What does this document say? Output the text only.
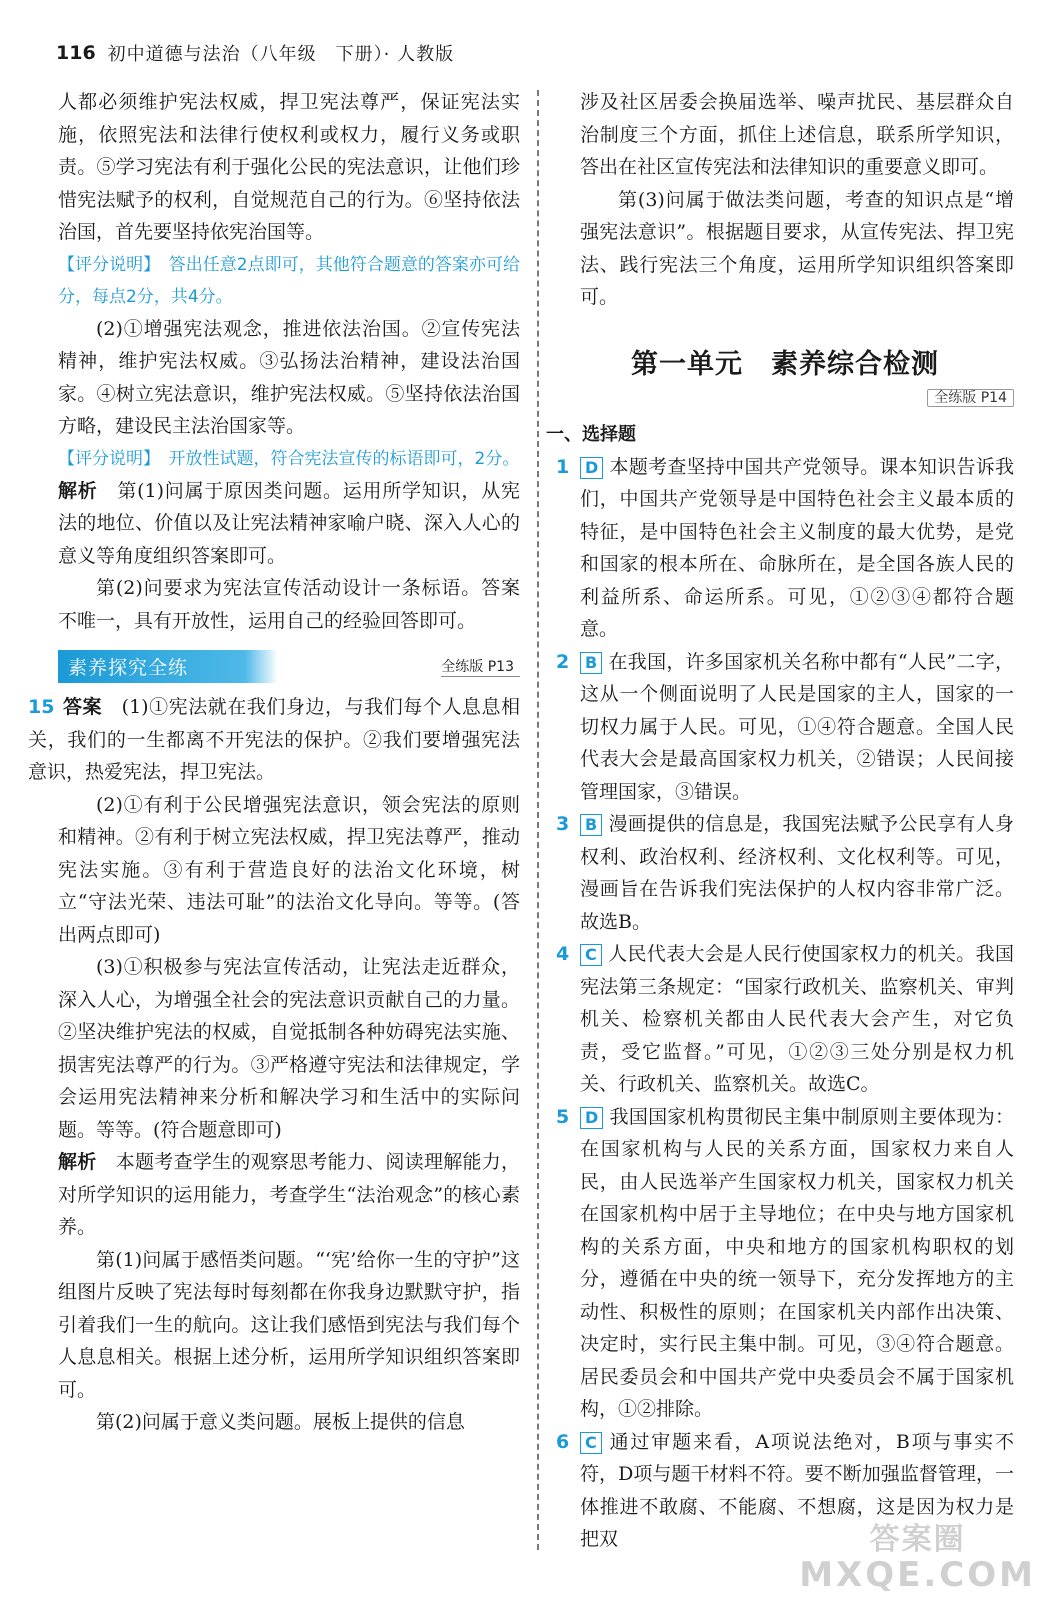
116 初中道德与法治（八年级　下册）· 人教版

人都必须维护宪法权威，捍卫宪法尊严，保证宪法实施，依照宪法和法律行使权利或权力，履行义务或职责。⑤学习宪法有利于强化公民的宪法意识，让他们珍惜宪法赋予的权利，自觉规范自己的行为。⑥坚持依法治国，首先要坚持依宪治国等。

【评分说明】　答出任意2点即可，其他符合题意的答案亦可给分，每点2分，共4分。

(2)①增强宪法观念，推进依法治国。②宣传宪法精神，维护宪法权威。③弘扬法治精神，建设法治国家。④树立宪法意识，维护宪法权威。⑤坚持依法治国方略，建设民主法治国家等。

【评分说明】　开放性试题，符合宪法宣传的标语即可，2分。

解析　第(1)问属于原因类问题。运用所学知识，从宪法的地位、价值以及让宪法精神家喻户晓、深入人心的意义等角度组织答案即可。

第(2)问要求为宪法宣传活动设计一条标语。答案不唯一，具有开放性，运用自己的经验回答即可。

素养探究全练	全练版 P13

15 答案　(1)①宪法就在我们身边，与我们每个人息息相关，我们的一生都离不开宪法的保护。②我们要增强宪法意识，热爱宪法，捍卫宪法。

(2)①有利于公民增强宪法意识，领会宪法的原则和精神。②有利于树立宪法权威，捍卫宪法尊严，推动宪法实施。③有利于营造良好的法治文化环境，树立“守法光荣、违法可耻”的法治文化导向。等等。(答出两点即可)

(3)①积极参与宪法宣传活动，让宪法走近群众，深入人心，为增强全社会的宪法意识贡献自己的力量。②坚决维护宪法的权威，自觉抵制各种妨碍宪法实施、损害宪法尊严的行为。③严格遵守宪法和法律规定，学会运用宪法精神来分析和解决学习和生活中的实际问题。等等。(符合题意即可)

解析　本题考查学生的观察思考能力、阅读理解能力，对所学知识的运用能力，考查学生“法治观念”的核心素养。

第(1)问属于感悟类问题。“‘宪’给你一生的守护”这组图片反映了宪法每时每刻都在你我身边默默守护，指引着我们一生的航向。这让我们感悟到宪法与我们每个人息息相关。根据上述分析，运用所学知识组织答案即可。

第(2)问属于意义类问题。展板上提供的信息

涉及社区居委会换届选举、噪声扰民、基层群众自治制度三个方面，抓住上述信息，联系所学知识，答出在社区宣传宪法和法律知识的重要意义即可。

第(3)问属于做法类问题，考查的知识点是“增强宪法意识”。根据题目要求，从宣传宪法、捍卫宪法、践行宪法三个角度，运用所学知识组织答案即可。

第一单元　素养综合检测
全练版 P14
一、选择题
1 D 本题考查坚持中国共产党领导。课本知识告诉我们，中国共产党领导是中国特色社会主义最本质的特征，是中国特色社会主义制度的最大优势，是党和国家的根本所在、命脉所在，是全国各族人民的利益所系、命运所系。可见，①②③④都符合题意。

2 B 在我国，许多国家机关名称中都有“人民”二字，这从一个侧面说明了人民是国家的主人，国家的一切权力属于人民。可见，①④符合题意。全国人民代表大会是最高国家权力机关，②错误；人民间接管理国家，③错误。

3 B 漫画提供的信息是，我国宪法赋予公民享有人身权利、政治权利、经济权利、文化权利等。可见，漫画旨在告诉我们宪法保护的人权内容非常广泛。故选B。

4 C 人民代表大会是人民行使国家权力的机关。我国宪法第三条规定：“国家行政机关、监察机关、审判机关、检察机关都由人民代表大会产生，对它负责，受它监督。”可见，①②③三处分别是权力机关、行政机关、监察机关。故选C。

5 D 我国国家机构贯彻民主集中制原则主要体现为：在国家机构与人民的关系方面，国家权力来自人民，由人民选举产生国家权力机关，国家权力机关在国家机构中居于主导地位；在中央与地方国家机构的关系方面，中央和地方的国家机构职权的划分，遵循在中央的统一领导下，充分发挥地方的主动性、积极性的原则；在国家机关内部作出决策、决定时，实行民主集中制。可见，③④符合题意。居民委员会和中国共产党中央委员会不属于国家机构，①②排除。

6 C 通过审题来看，A项说法绝对，B项与事实不符，D项与题干材料不符。要不断加强监督管理，一体推进不敢腐、不能腐、不想腐，这是因为权力是把双	答案圈
MXQE.COM
